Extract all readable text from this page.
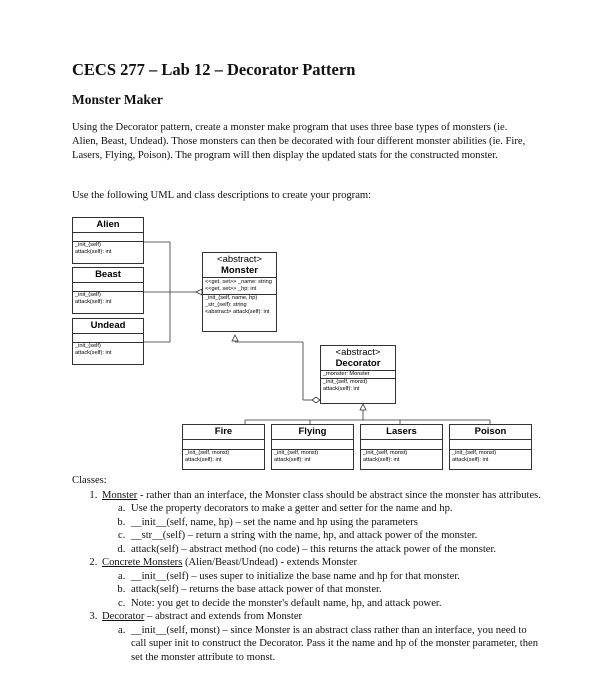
CECS 277 – Lab 12 – Decorator Pattern
Monster Maker
Using the Decorator pattern, create a monster make program that uses three base types of monsters (ie. Alien, Beast, Undead). Those monsters can then be decorated with four different monster abilities (ie. Fire, Lasers, Flying, Poison). The program will then display the updated stats for the constructed monster.
Use the following UML and class descriptions to create your program:
Alien
_init_(self)
attack(self): int
Beast
_init_(self)
attack(self): int
Undead
_init_(self)
attack(self): int
<abstract>
Monster
<<get, set>> _name: string
<<get, set>> _hp: int
_init_(self, name, hp)
_str_(self): string
<abstract> attack(self): int
<abstract>
Decorator
_monster: Monster
_init_(self, monst)
attack(self): int
Fire
_init_(self, monst)
attack(self): int
Flying
_init_(self, monst)
attack(self): int
Lasers
_init_(self, monst)
attack(self): int
Poison
_init_(self, monst)
attack(self): int
Classes:
1. Monster - rather than an interface, the Monster class should be abstract since the monster has attributes.
a. Use the property decorators to make a getter and setter for the name and hp.
b. __init__(self, name, hp) – set the name and hp using the parameters
c. __str__(self) – return a string with the name, hp, and attack power of the monster.
d. attack(self) – abstract method (no code) – this returns the attack power of the monster.
2. Concrete Monsters (Alien/Beast/Undead) - extends Monster
a. __init__(self) – uses super to initialize the base name and hp for that monster.
b. attack(self) – returns the base attack power of that monster.
c. Note: you get to decide the monster's default name, hp, and attack power.
3. Decorator – abstract and extends from Monster
a. __init__(self, monst) – since Monster is an abstract class rather than an interface, you need to call super init to construct the Decorator. Pass it the name and hp of the monster parameter, then set the monster attribute to monst.
